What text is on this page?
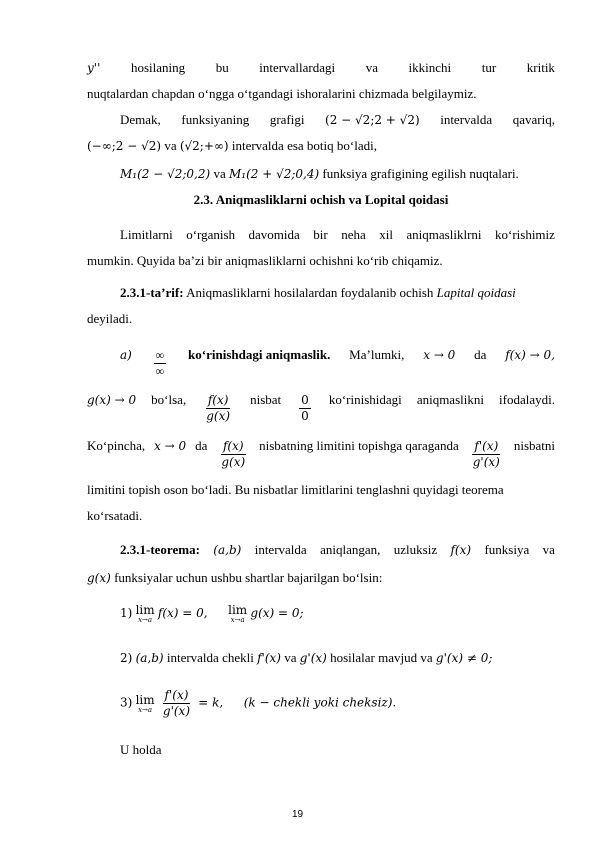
y'' hosilaning bu intervallardagi va ikkinchi tur kritik
nuqtalardan chapdan o‘ngga o‘tgandagi ishoralarini chizmada belgilaymiz.
Demak, funksiyaning grafigi (2 − √2;2 + √2) intervalda qavariq,
(−∞;2 − √2) va (√2;+∞) intervalda esa botiq bo‘ladi,
M₁(2 − √2;0,2) va M₁(2 + √2;0,4) funksiya grafigining egilish nuqtalari.
2.3. Aniqmasliklarni ochish va Lopital qoidasi
Limitlarni o‘rganish davomida bir neha xil aniqmasliklrni ko‘rishimiz
mumkin. Quyida ba’zi bir aniqmasliklarni ochishni ko‘rib chiqamiz.
2.3.1-ta’rif: Aniqmasliklarni hosilalardan foydalanib ochish Lapital qoidasi
deyiladi.
$a) \frac{\infty}{\infty}$ ko‘rinishdagi aniqmaslik. Ma’lumki, x → 0 da f(x) → 0,
g(x) → 0 bo‘lsa, $\frac{f(x)}{g(x)}$ nisbat $\frac{0}{0}$ ko‘rinishidagi aniqmaslikni ifodalaydi.
Ko‘pincha, x → 0 da $\frac{f(x)}{g(x)}$ nisbatning limitini topishga qaraganda $\frac{f'(x)}{g'(x)}$ nisbatni
limitini topish oson bo‘ladi. Bu nisbatlar limitlarini tenglashni quyidagi teorema
ko‘rsatadi.
2.3.1-teorema: (a,b) intervalda aniqlangan, uzluksiz f(x) funksiya va
g(x) funksiyalar uchun ushbu shartlar bajarilgan bo‘lsin:
1) lim
x→a
f(x) = 0, lim
x→a
g(x) = 0;
2) (a,b) intervalda chekli f'(x) va g'(x) hosilalar mavjud va g'(x) ≠ 0;
3) lim
x→a
$\frac{f'(x)}{g'(x)} = k$, (k − chekli yoki cheksiz).
U holda
19
